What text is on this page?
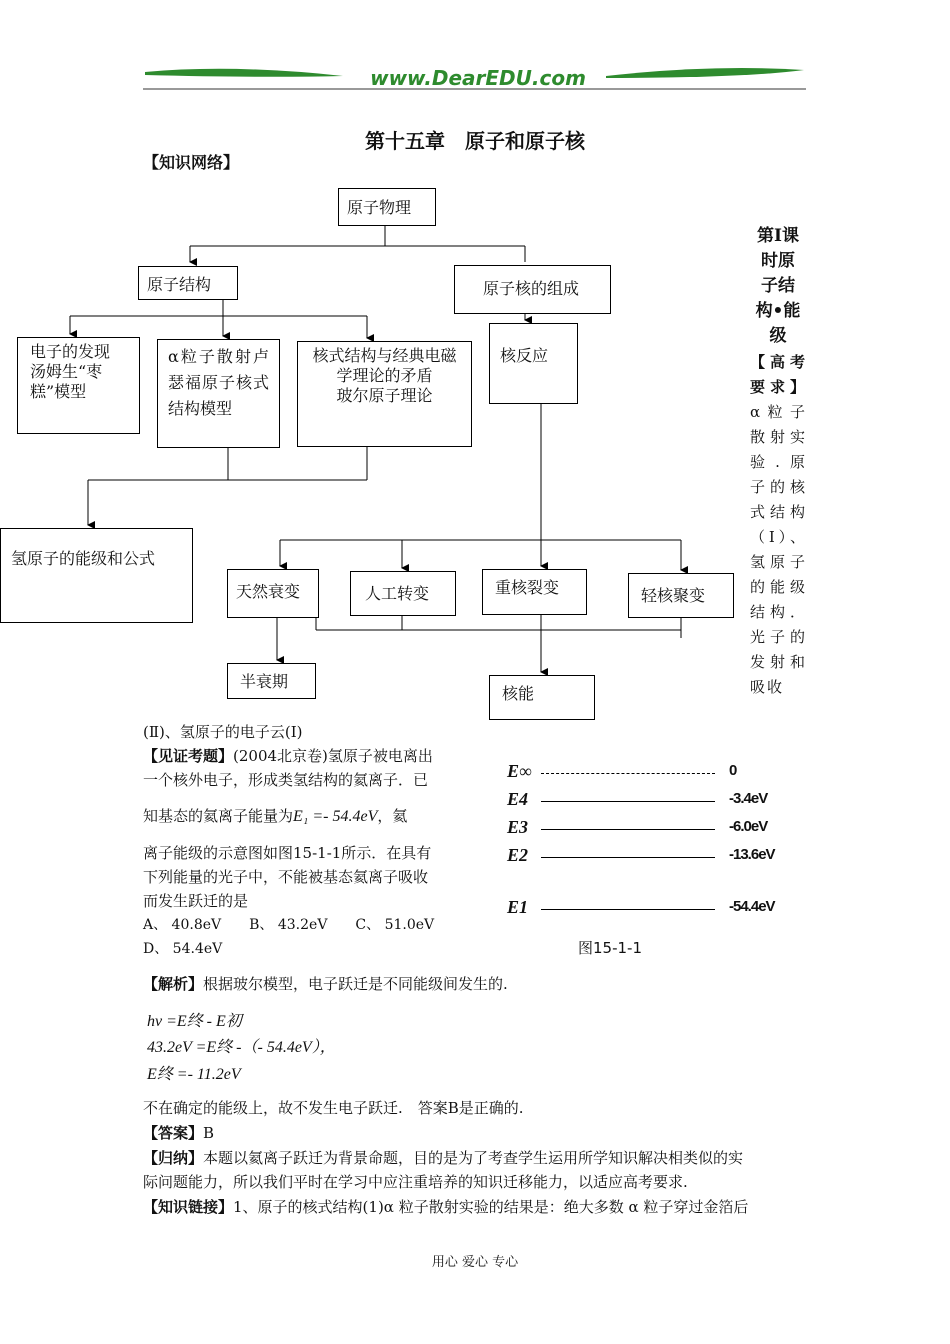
www.DearEDU.com
第十五章　原子和原子核
【知识网络】
原子物理
原子结构	原子核的组成
电子的发现
汤姆生“枣糕”模型
α粒子散射卢瑟福原子核式结构模型
核式结构与经典电磁学理论的矛盾
玻尔原子理论
核反应
氢原子的能级和公式
天然衰变	人工转变	重核裂变	轻核聚变
半衰期
核能
第Ⅰ课时原子结构•能级
【高考要求】α粒子散射实验.原子的核式结构（Ⅰ）、氢原子的能级结构．光子的发射和吸收
(Ⅱ)、氢原子的电子云(Ⅰ)
【见证考题】(2004北京卷)氢原子被电离出
一个核外电子，形成类氢结构的氦离子．已
知基态的氦离子能量为E₁ =- 54.4eV，氦
离子能级的示意图如图15-1-1所示．在具有
下列能量的光子中，不能被基态氦离子吸收
而发生跃迁的是
A、 40.8eV　　B、 43.2eV　　C、 51.0eV
D、 54.4eV
E∞	0
E4	-3.4eV
E3	-6.0eV
E2	-13.6eV
E1	-54.4eV
图15-1-1
【解析】根据玻尔模型，电子跃迁是不同能级间发生的.
hν =E终 - E初
43.2eV =E终 -（- 54.4eV），
E终 =- 11.2eV
不在确定的能级上，故不发生电子跃迁.　答案B是正确的.
【答案】B
【归纳】本题以氦离子跃迁为背景命题，目的是为了考查学生运用所学知识解决相类似的实
际问题能力，所以我们平时在学习中应注重培养的知识迁移能力，以适应高考要求.
【知识链接】1、原子的核式结构(1)α 粒子散射实验的结果是：绝大多数 α 粒子穿过金箔后
用心 爱心 专心
